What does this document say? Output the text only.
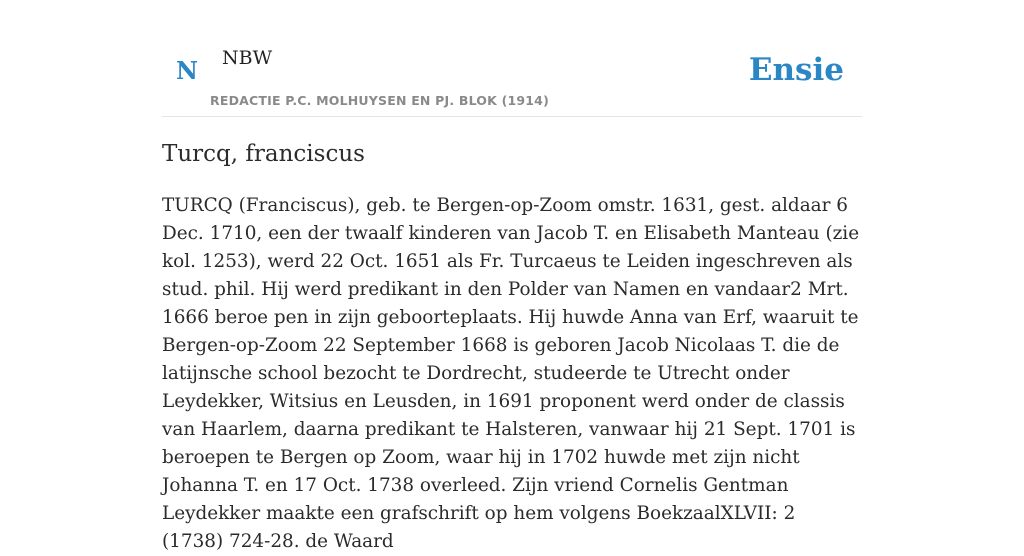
N NBW
REDACTIE P.C. MOLHUYSEN EN PJ. BLOK (1914)
Ensie
Turcq, franciscus

TURCQ (Franciscus), geb. te Bergen-op-Zoom omstr. 1631, gest. aldaar 6 Dec. 1710, een der twaalf kinderen van Jacob T. en Elisabeth Manteau (zie kol. 1253), werd 22 Oct. 1651 als Fr. Turcaeus te Leiden ingeschreven als stud. phil. Hij werd predikant in den Polder van Namen en vandaar2 Mrt. 1666 beroe pen in zijn geboorteplaats. Hij huwde Anna van Erf, waaruit te Bergen-op-Zoom 22 September 1668 is geboren Jacob Nicolaas T. die de latijnsche school bezocht te Dordrecht, studeerde te Utrecht onder Leydekker, Witsius en Leusden, in 1691 proponent werd onder de classis van Haarlem, daarna predikant te Halsteren, vanwaar hij 21 Sept. 1701 is beroepen te Bergen op Zoom, waar hij in 1702 huwde met zijn nicht Johanna T. en 17 Oct. 1738 overleed. Zijn vriend Cornelis Gentman Leydekker maakte een grafschrift op hem volgens BoekzaalXLVII: 2 (1738) 724-28. de Waard
